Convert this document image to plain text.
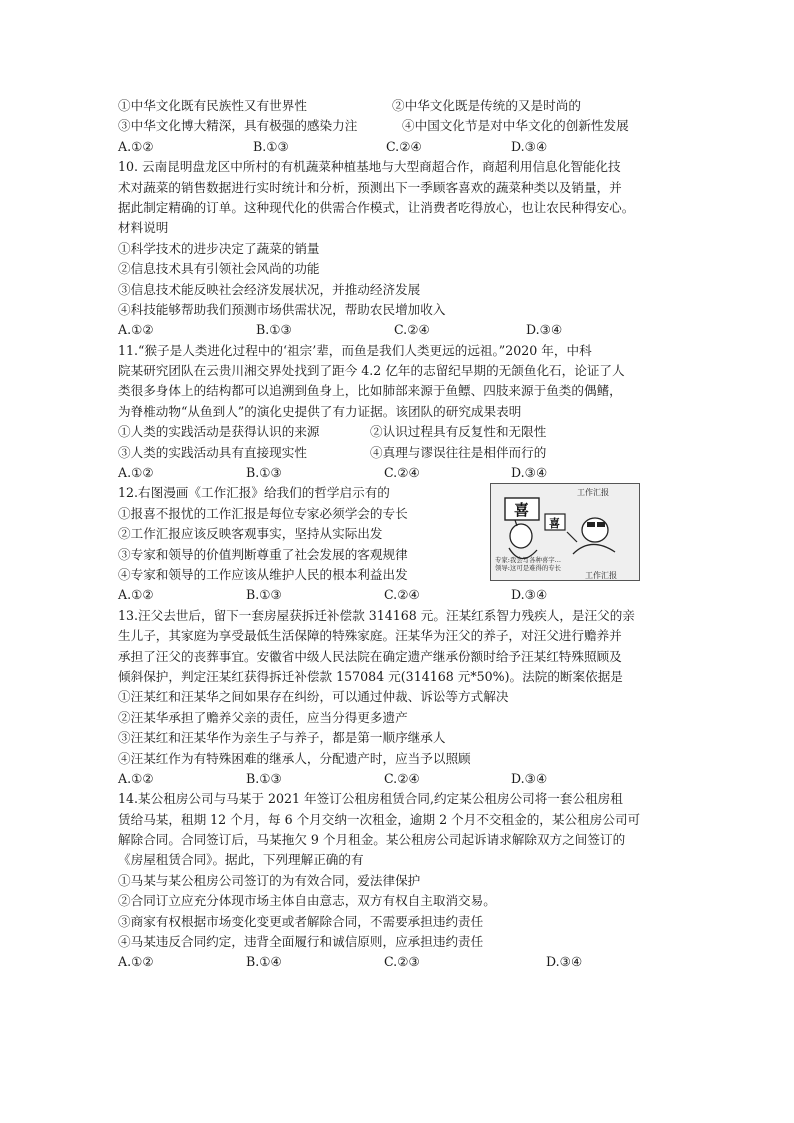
①中华文化既有民族性又有世界性	②中华文化既是传统的又是时尚的
③中华文化博大精深，具有极强的感染力注	④中国文化节是对中华文化的创新性发展
A.①②	B.①③	C.②④	D.③④
10. 云南昆明盘龙区中所村的有机蔬菜种植基地与大型商超合作，商超利用信息化智能化技
术对蔬菜的销售数据进行实时统计和分析，预测出下一季顾客喜欢的蔬菜种类以及销量，并
据此制定精确的订单。这种现代化的供需合作模式，让消费者吃得放心，也让农民种得安心。
材料说明
①科学技术的进步决定了蔬菜的销量
②信息技术具有引领社会风尚的功能
③信息技术能反映社会经济发展状况，并推动经济发展
④科技能够帮助我们预测市场供需状况，帮助农民增加收入
A.①②	B.①③	C.②④	D.③④
11.“猴子是人类进化过程中的‘祖宗’辈，而鱼是我们人类更远的远祖。”2020 年，中科
院某研究团队在云贵川湘交界处找到了距今 4.2 亿年的志留纪早期的无颌鱼化石，论证了人
类很多身体上的结构都可以追溯到鱼身上，比如肺部来源于鱼鳔、四肢来源于鱼类的偶鳍，
为脊椎动物“从鱼到人”的演化史提供了有力证据。该团队的研究成果表明
①人类的实践活动是获得认识的来源	②认识过程具有反复性和无限性
③人类的实践活动具有直接现实性	④真理与谬误往往是相伴而行的
A.①②	B.①③	C.②④	D.③④
12.右图漫画《工作汇报》给我们的哲学启示有的
①报喜不报忧的工作汇报是每位专家必须学会的专长
②工作汇报应该反映客观事实，坚持从实际出发
③专家和领导的价值判断尊重了社会发展的客观规律
④专家和领导的工作应该从维护人民的根本利益出发
A.①②	B.①③	C.②④	D.③④
工作汇报
喜
喜
专家:我会写各种喜字…
领导:这可是难得的专长
工作汇报
13.汪父去世后，留下一套房屋获拆迁补偿款 314168 元。汪某红系智力残疾人，是汪父的亲
生儿子，其家庭为享受最低生活保障的特殊家庭。汪某华为汪父的养子，对汪父进行赡养并
承担了汪父的丧葬事宜。安徽省中级人民法院在确定遗产继承份额时给予汪某红特殊照顾及
倾斜保护，判定汪某红获得拆迁补偿款 157084 元(314168 元*50%)。法院的断案依据是
①汪某红和汪某华之间如果存在纠纷，可以通过仲裁、诉讼等方式解决
②汪某华承担了赡养父亲的责任，应当分得更多遗产
③汪某红和汪某华作为亲生子与养子，都是第一顺序继承人
④汪某红作为有特殊困难的继承人，分配遗产时，应当予以照顾
A.①②	B.①③	C.②④	D.③④
14.某公租房公司与马某于 2021 年签订公租房租赁合同,约定某公租房公司将一套公租房租
赁给马某，租期 12 个月，每 6 个月交纳一次租金，逾期 2 个月不交租金的，某公租房公司可
解除合同。合同签订后，马某拖欠 9 个月租金。某公租房公司起诉请求解除双方之间签订的
《房屋租赁合同》。据此，下列理解正确的有
①马某与某公租房公司签订的为有效合同，爱法律保护
②合同订立应充分体现市场主体自由意志，双方有权自主取消交易。
③商家有权根据市场变化变更或者解除合同，不需要承担违约责任
④马某违反合同约定，违背全面履行和诚信原则，应承担违约责任
A.①②	B.①④	C.②③	D.③④
